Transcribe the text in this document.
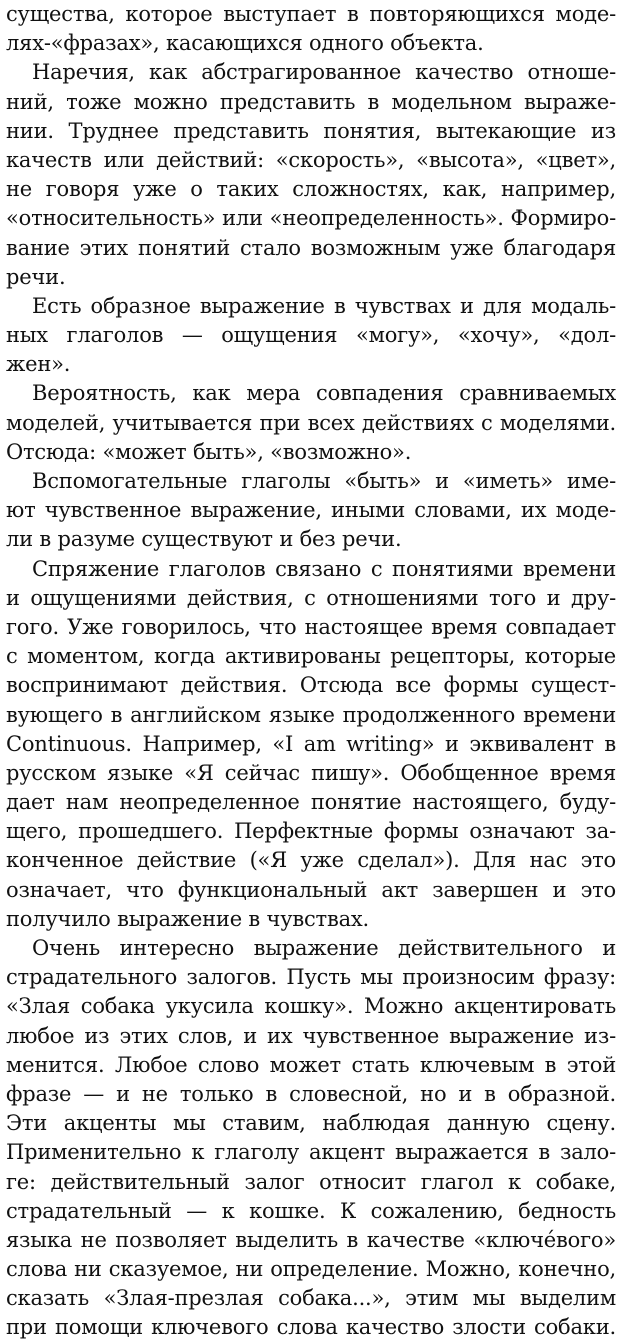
существа, которое выступает в повторяющихся моде-
лях-«фразах», касающихся одного объекта.
Наречия, как абстрагированное качество отноше-
ний, тоже можно представить в модельном выраже-
нии. Труднее представить понятия, вытекающие из
качеств или действий: «скорость», «высота», «цвет»,
не говоря уже о таких сложностях, как, например,
«относительность» или «неопределенность». Формиро-
вание этих понятий стало возможным уже благодаря
речи.
Есть образное выражение в чувствах и для модаль-
ных глаголов — ощущения «могу», «хочу», «дол-
жен».
Вероятность, как мера совпадения сравниваемых
моделей, учитывается при всех действиях с моделями.
Отсюда: «может быть», «возможно».
Вспомогательные глаголы «быть» и «иметь» име-
ют чувственное выражение, иными словами, их моде-
ли в разуме существуют и без речи.
Спряжение глаголов связано с понятиями времени
и ощущениями действия, с отношениями того и дру-
гого. Уже говорилось, что настоящее время совпадает
с моментом, когда активированы рецепторы, которые
воспринимают действия. Отсюда все формы сущест-
вующего в английском языке продолженного времени
Continuous. Например, «I am writing» и эквивалент в
русском языке «Я сейчас пишу». Обобщенное время
дает нам неопределенное понятие настоящего, буду-
щего, прошедшего. Перфектные формы означают за-
конченное действие («Я уже сделал»). Для нас это
означает, что функциональный акт завершен и это
получило выражение в чувствах.
Очень интересно выражение действительного и
страдательного залогов. Пусть мы произносим фразу:
«Злая собака укусила кошку». Можно акцентировать
любое из этих слов, и их чувственное выражение из-
менится. Любое слово может стать ключевым в этой
фразе — и не только в словесной, но и в образной.
Эти акценты мы ставим, наблюдая данную сцену.
Применительно к глаголу акцент выражается в зало-
ге: действительный залог относит глагол к собаке,
страдательный — к кошке. К сожалению, бедность
языка не позволяет выделить в качестве «ключéвого»
слова ни сказуемое, ни определение. Можно, конечно,
сказать «Злая-презлая собака...», этим мы выделим
при помощи ключевого слова качество злости собаки.
